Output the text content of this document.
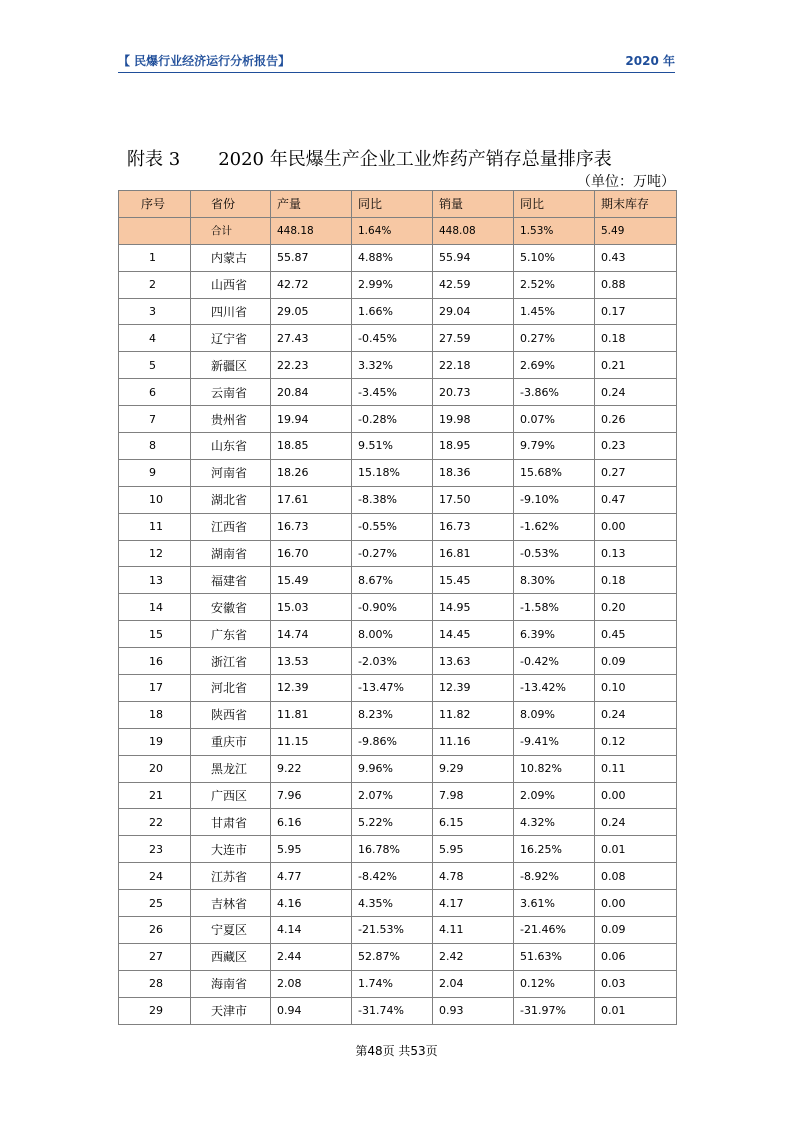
【 民爆行业经济运行分析报告】	2020 年
附表 3 2020 年民爆生产企业工业炸药产销存总量排序表
（单位：万吨）
序号	省份	产量	同比	销量	同比	期末库存
	合计	448.18	1.64%	448.08	1.53%	5.49
1	内蒙古	55.87	4.88%	55.94	5.10%	0.43
2	山西省	42.72	2.99%	42.59	2.52%	0.88
3	四川省	29.05	1.66%	29.04	1.45%	0.17
4	辽宁省	27.43	-0.45%	27.59	0.27%	0.18
5	新疆区	22.23	3.32%	22.18	2.69%	0.21
6	云南省	20.84	-3.45%	20.73	-3.86%	0.24
7	贵州省	19.94	-0.28%	19.98	0.07%	0.26
8	山东省	18.85	9.51%	18.95	9.79%	0.23
9	河南省	18.26	15.18%	18.36	15.68%	0.27
10	湖北省	17.61	-8.38%	17.50	-9.10%	0.47
11	江西省	16.73	-0.55%	16.73	-1.62%	0.00
12	湖南省	16.70	-0.27%	16.81	-0.53%	0.13
13	福建省	15.49	8.67%	15.45	8.30%	0.18
14	安徽省	15.03	-0.90%	14.95	-1.58%	0.20
15	广东省	14.74	8.00%	14.45	6.39%	0.45
16	浙江省	13.53	-2.03%	13.63	-0.42%	0.09
17	河北省	12.39	-13.47%	12.39	-13.42%	0.10
18	陕西省	11.81	8.23%	11.82	8.09%	0.24
19	重庆市	11.15	-9.86%	11.16	-9.41%	0.12
20	黑龙江	9.22	9.96%	9.29	10.82%	0.11
21	广西区	7.96	2.07%	7.98	2.09%	0.00
22	甘肃省	6.16	5.22%	6.15	4.32%	0.24
23	大连市	5.95	16.78%	5.95	16.25%	0.01
24	江苏省	4.77	-8.42%	4.78	-8.92%	0.08
25	吉林省	4.16	4.35%	4.17	3.61%	0.00
26	宁夏区	4.14	-21.53%	4.11	-21.46%	0.09
27	西藏区	2.44	52.87%	2.42	51.63%	0.06
28	海南省	2.08	1.74%	2.04	0.12%	0.03
29	天津市	0.94	-31.74%	0.93	-31.97%	0.01
第48页 共53页
